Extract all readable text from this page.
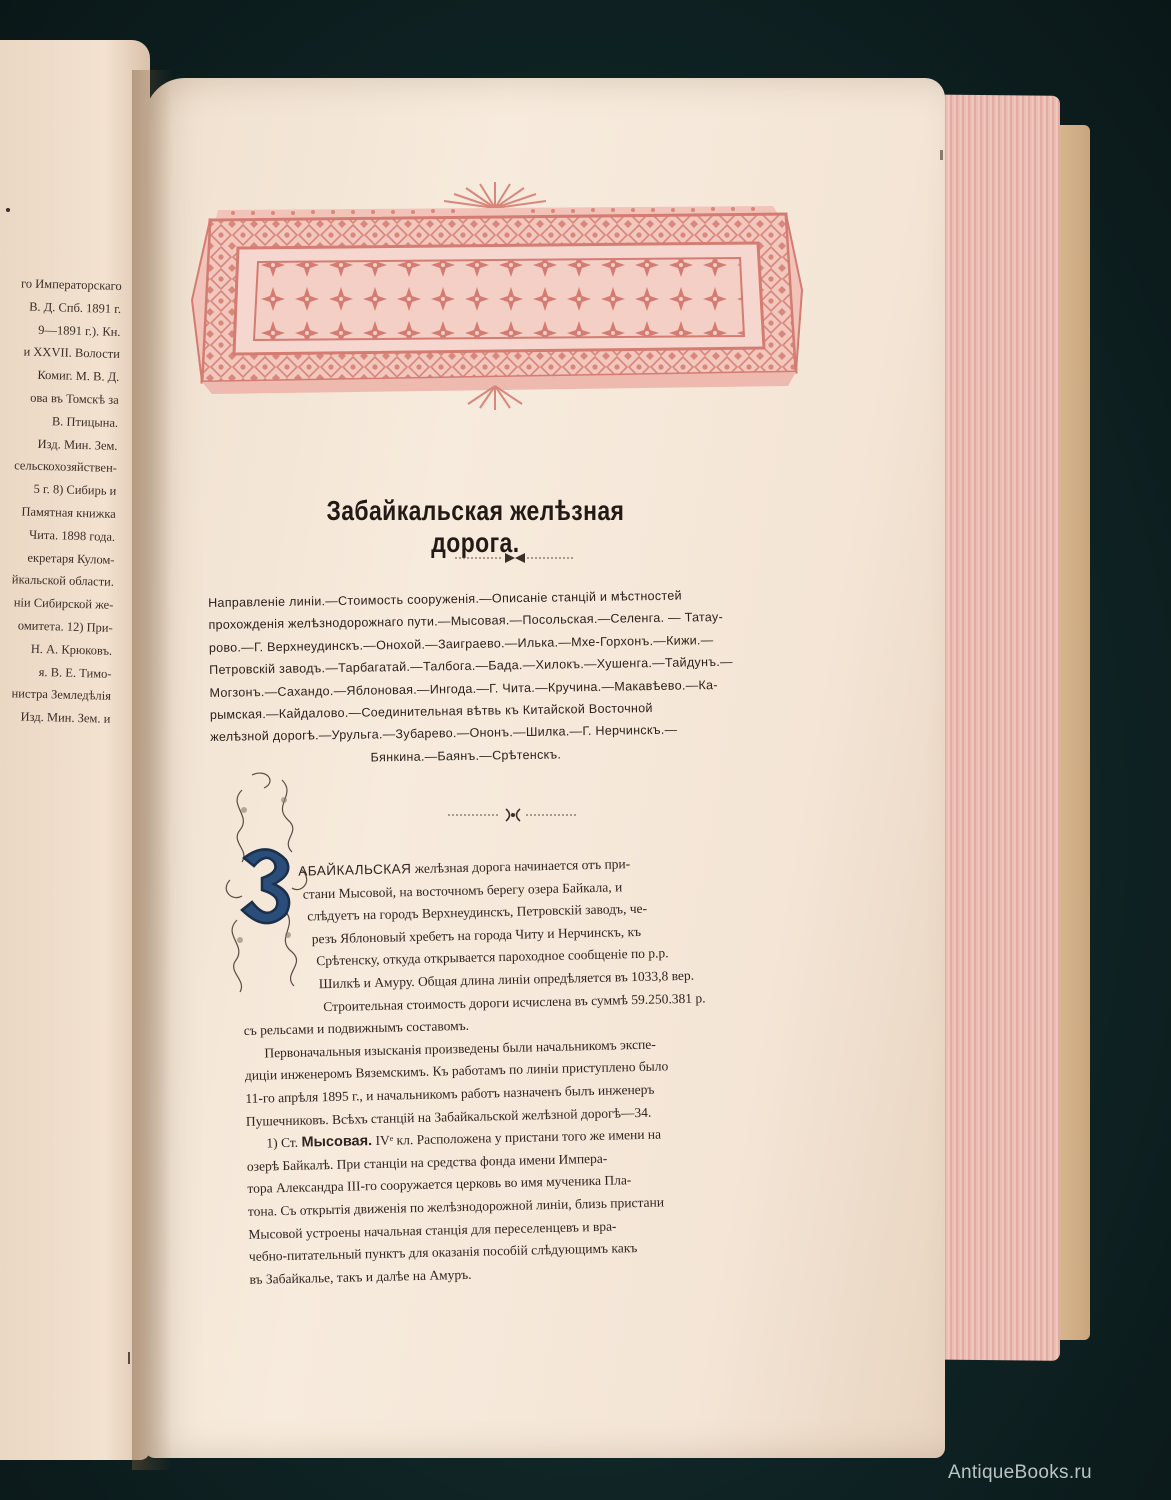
го Императорскаго
В. Д. Спб. 1891 г.
9—1891 г.). Кн.
и XXVII. Волости
Комиг. М. В. Д.
ова въ Томскѣ за
В. Птицына.
Изд. Мин. Зем.
сельскохозяйствен-
5 г. 8) Сибирь и
Памятная книжка
Чита. 1898 года.
екретаря Кулом-
йкальской области.
ніи Сибирской же-
омитета. 12) При-
Н. А. Крюковъ.
я. В. Е. Тимо-
нистра Земледѣлія
Изд. Мин. Зем. и
Забайкальская желѣзная дорога.
Направленіе линіи.—Стоимость сооруженія.—Описаніе станцій и мѣстностей
прохожденія желѣзнодорожнаго пути.—Мысовая.—Посольская.—Селенга. — Татау-
рово.—Г. Верхнеудинскъ.—Онохой.—Заиграево.—Илька.—Мхе-Горхонъ.—Кижи.—
Петровскій заводъ.—Тарбагатай.—Талбога.—Бада.—Хилокъ.—Хушенга.—Тайдунъ.—
Могзонъ.—Сахандо.—Яблоновая.—Ингода.—Г. Чита.—Кручина.—Макавѣево.—Ка-
рымская.—Кайдалово.—Соединительная вѣтвь къ Китайской Восточной
желѣзной дорогѣ.—Урульга.—Зубарево.—Ононъ.—Шилка.—Г. Нерчинскъ.—
Бянкина.—Баянъ.—Срѣтенскъ.
АБАЙКАЛЬСКАЯ желѣзная дорога начинается отъ при-
стани Мысовой, на восточномъ берегу озера Байкала, и
слѣдуетъ на городъ Верхнеудинскъ, Петровскій заводъ, че-
резъ Яблоновый хребетъ на города Читу и Нерчинскъ, къ
Срѣтенску, откуда открывается пароходное сообщеніе по р.р.
Шилкѣ и Амуру. Общая длина линіи опредѣляется въ 1033,8 вер.
Строительная стоимость дороги исчислена въ суммѣ 59.250.381 р.
съ рельсами и подвижнымъ составомъ.
Первоначальныя изысканія произведены были начальникомъ экспе-
диціи инженеромъ Вяземскимъ. Къ работамъ по линіи приступлено было
11-го апрѣля 1895 г., и начальникомъ работъ назначенъ былъ инженеръ
Пушечниковъ. Всѣхъ станцій на Забайкальской желѣзной дорогѣ—34.
1) Ст. Мысовая. IVᵉ кл. Расположена у пристани того же имени на
озерѣ Байкалѣ. При станціи на средства фонда имени Импера-
тора Александра III-го сооружается церковь во имя мученика Пла-
тона. Съ открытія движенія по желѣзнодорожной линіи, близь пристани
Мысовой устроены начальная станція для переселенцевъ и вра-
чебно-питательный пунктъ для оказанія пособій слѣдующимъ какъ
въ Забайкалье, такъ и далѣе на Амуръ.
AntiqueBooks.ru
